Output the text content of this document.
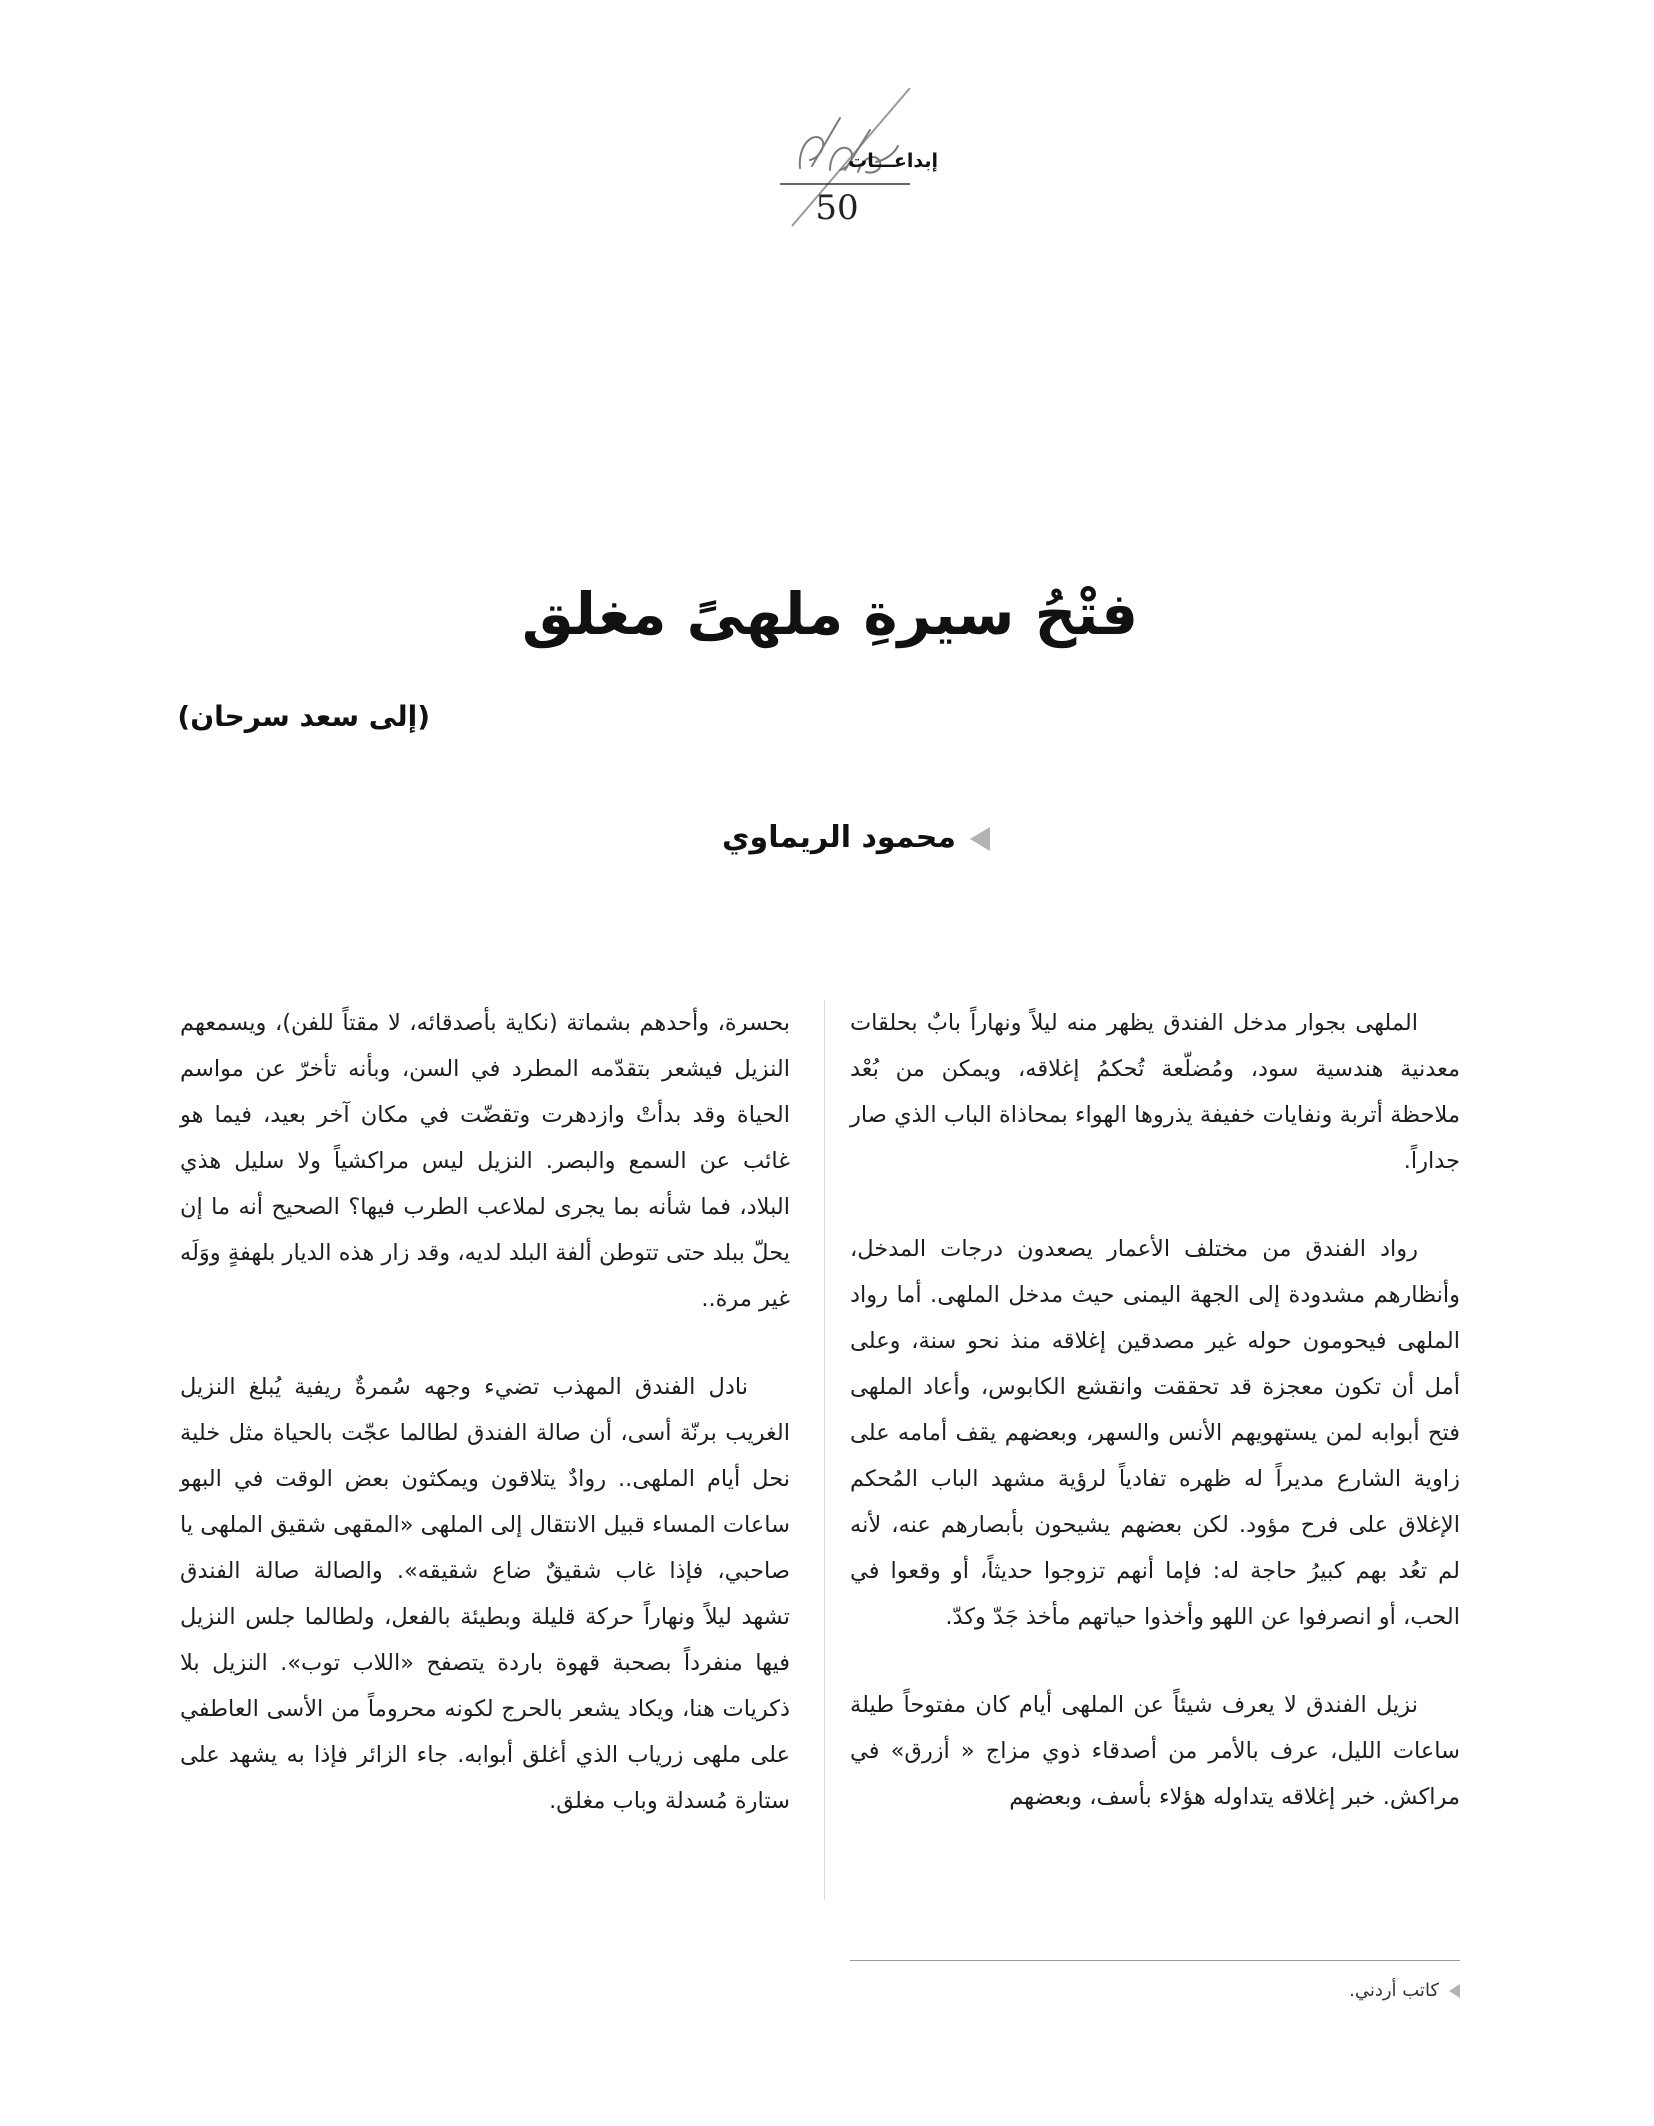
إبداعـــات
50
فتْحُ سيرةِ ملهىً مغلق
(إلى سعد سرحان)
محمود الريماوي

الملهى بجوار مدخل الفندق يظهر منه ليلاً ونهاراً بابٌ بحلقات معدنية هندسية سود، ومُضلّعة تُحكمُ إغلاقه، ويمكن من بُعْد ملاحظة أتربة ونفايات خفيفة يذروها الهواء بمحاذاة الباب الذي صار جداراً.

رواد الفندق من مختلف الأعمار يصعدون درجات المدخل، وأنظارهم مشدودة إلى الجهة اليمنى حيث مدخل الملهى. أما رواد الملهى فيحومون حوله غير مصدقين إغلاقه منذ نحو سنة، وعلى أمل أن تكون معجزة قد تحققت وانقشع الكابوس، وأعاد الملهى فتح أبوابه لمن يستهويهم الأنس والسهر، وبعضهم يقف أمامه على زاوية الشارع مديراً له ظهره تفادياً لرؤية مشهد الباب المُحكم الإغلاق على فرح مؤود. لكن بعضهم يشيحون بأبصارهم عنه، لأنه لم تعُد بهم كبيرُ حاجة له: فإما أنهم تزوجوا حديثاً، أو وقعوا في الحب، أو انصرفوا عن اللهو وأخذوا حياتهم مأخذ جَدّ وكدّ.

نزيل الفندق لا يعرف شيئاً عن الملهى أيام كان مفتوحاً طيلة ساعات الليل، عرف بالأمر من أصدقاء ذوي مزاج « أزرق» في مراكش. خبر إغلاقه يتداوله هؤلاء بأسف، وبعضهم

بحسرة، وأحدهم بشماتة (نكاية بأصدقائه، لا مقتاً للفن)، ويسمعهم النزيل فيشعر بتقدّمه المطرد في السن، وبأنه تأخرّ عن مواسم الحياة وقد بدأتْ وازدهرت وتقضّت في مكان آخر بعيد، فيما هو غائب عن السمع والبصر. النزيل ليس مراكشياً ولا سليل هذي البلاد، فما شأنه بما يجرى لملاعب الطرب فيها؟ الصحيح أنه ما إن يحلّ ببلد حتى تتوطن ألفة البلد لديه، وقد زار هذه الديار بلهفةٍ ووَلَه غير مرة..

نادل الفندق المهذب تضيء وجهه سُمرةٌ ريفية يُبلغ النزيل الغريب برنّة أسى، أن صالة الفندق لطالما عجّت بالحياة مثل خلية نحل أيام الملهى.. روادٌ يتلاقون ويمكثون بعض الوقت في البهو ساعات المساء قبيل الانتقال إلى الملهى «المقهى شقيق الملهى يا صاحبي، فإذا غاب شقيقٌ ضاع شقيقه». والصالة صالة الفندق تشهد ليلاً ونهاراً حركة قليلة وبطيئة بالفعل، ولطالما جلس النزيل فيها منفرداً بصحبة قهوة باردة يتصفح «اللاب توب». النزيل بلا ذكريات هنا، ويكاد يشعر بالحرج لكونه محروماً من الأسى العاطفي على ملهى زرياب الذي أغلق أبوابه. جاء الزائر فإذا به يشهد على ستارة مُسدلة وباب مغلق.

كاتب أردني.
